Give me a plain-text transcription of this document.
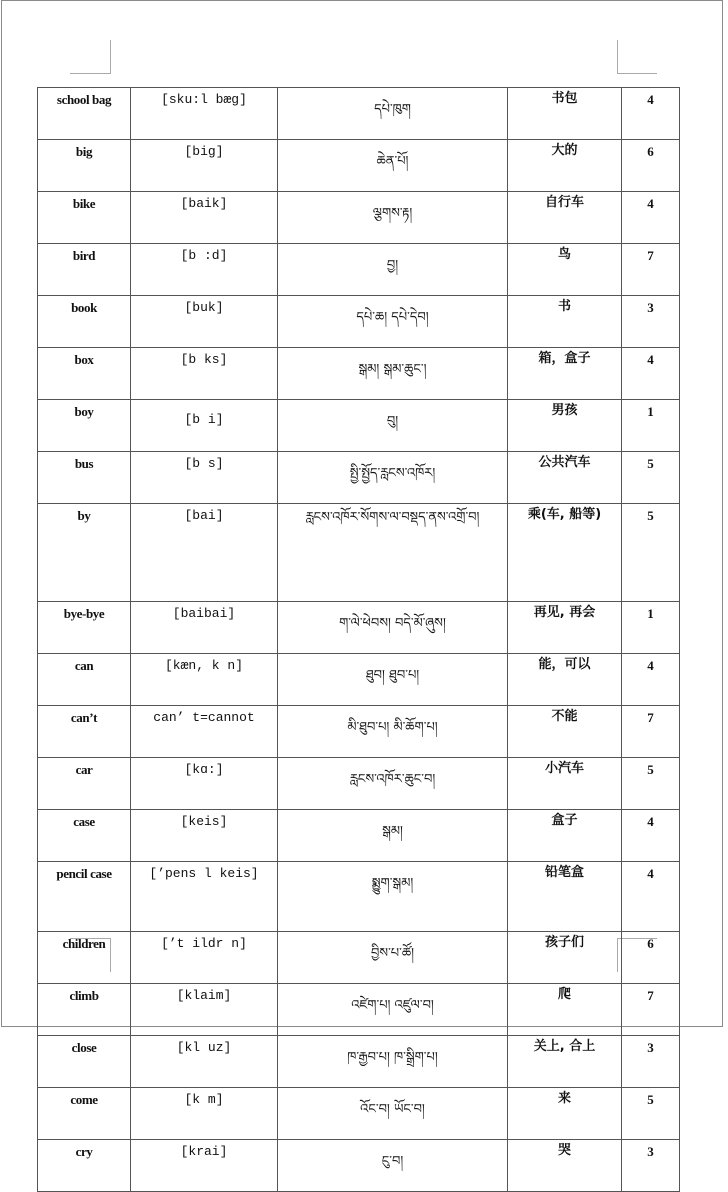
school bag	[sku:l bæg]	དཔེ་ཁུག	书包	4
big	[big]	ཆེན་པོ།	大的	6
bike	[baik]	ལྕགས་རྟ།	自行车	4
bird	[b :d]	བྱ།	鸟	7
book	[buk]	དཔེ་ཆ། དཔེ་དེབ།	书	3
box	[b ks]	སྒམ། སྒམ་ཆུང་།	箱，盒子	4
boy	[b i]	བུ།	男孩	1
bus	[b s]	སྤྱི་སྤྱོད་རླངས་འཁོར།	公共汽车	5
by	[bai]	རླངས་འཁོར་སོགས་ལ་བསྡད་ནས་འགྲོ་བ།	乘(车, 船等)	5
bye-bye	[baibai]	ག་ལེ་ཕེབས། བདེ་མོ་ཞུས།	再见, 再会	1
can	[kæn, k n]	ཐུབ། ཐུབ་པ།	能，可以	4
can’t	can’ t=cannot	མི་ཐུབ་པ། མི་ཆོག་པ།	不能	7
car	[kɑ:]	རླངས་འཁོར་ཆུང་བ།	小汽车	5
case	[keis]	སྒམ།	盒子	4
pencil case	[’pens l keis]	སྨྱུག་སྒམ།	铅笔盒	4
children	[’t ildr n]	བྱིས་པ་ཚོ།	孩子们	6
climb	[klaim]	འཛེག་པ། འཛུལ་བ།	爬	7
close	[kl uz]	ཁ་རྒྱབ་པ། ཁ་སྒྲིག་པ།	关上, 合上	3
come	[k m]	འོང་བ། ཡོང་བ།	来	5
cry	[krai]	ངུ་བ།	哭	3
